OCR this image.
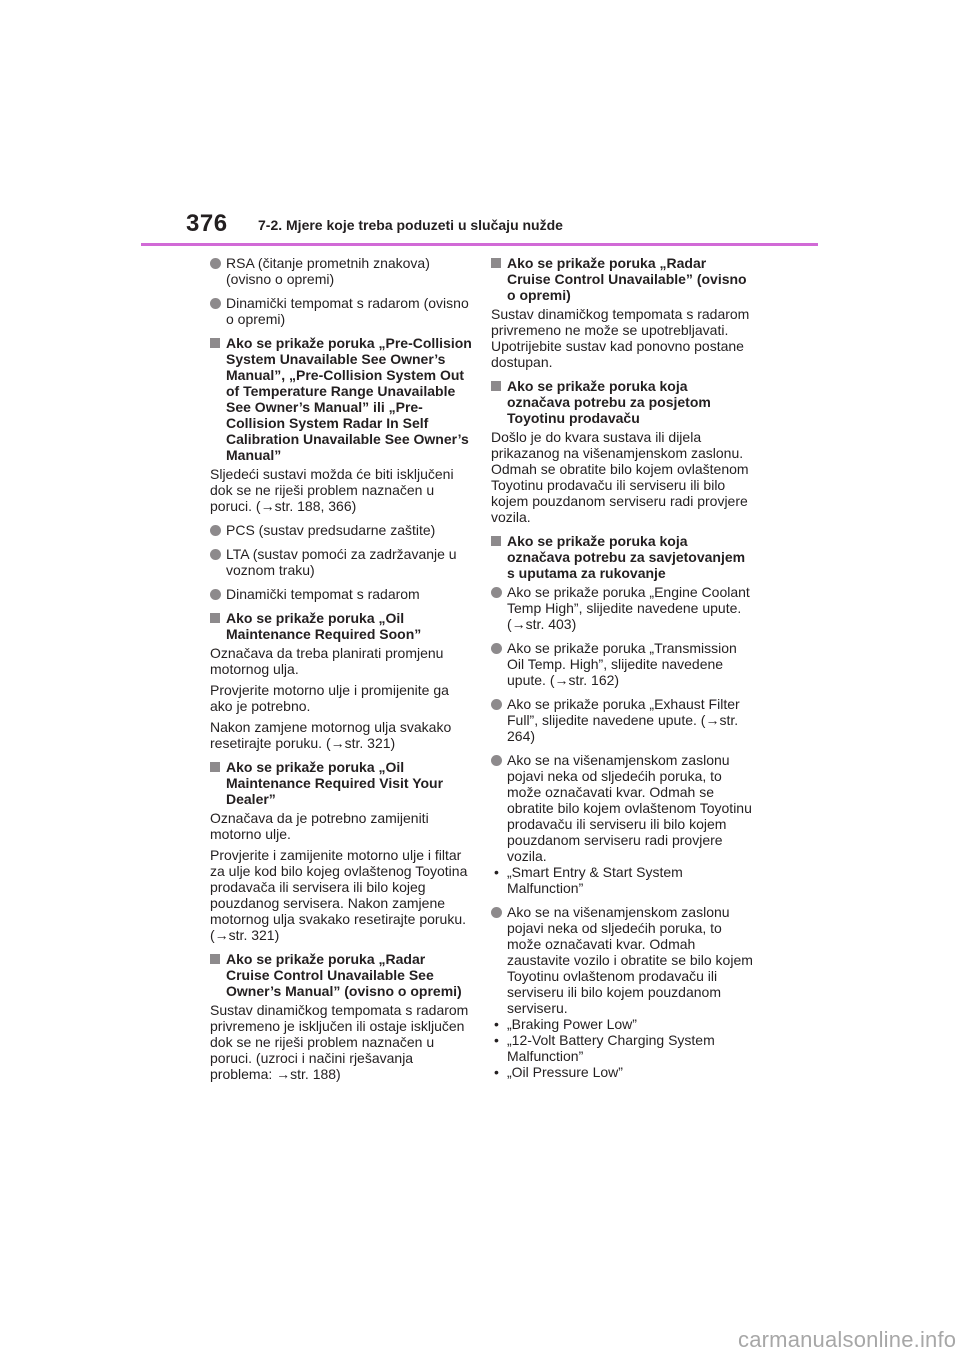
376 7-2. Mjere koje treba poduzeti u slučaju nužde
RSA (čitanje prometnih znakova) (ovisno o opremi)
Dinamički tempomat s radarom (ovisno o opremi)
Ako se prikaže poruka „Pre-Collision System Unavailable See Owner’s Manual”, „Pre-Collision System Out of Temperature Range Unavailable See Owner’s Manual” ili „Pre-Collision System Radar In Self Calibration Unavailable See Owner’s Manual”
Sljedeći sustavi možda će biti isključeni dok se ne riješi problem naznačen u poruci. (→str. 188, 366)
PCS (sustav predsudarne zaštite)
LTA (sustav pomoći za zadržavanje u voznom traku)
Dinamički tempomat s radarom
Ako se prikaže poruka „Oil Maintenance Required Soon”
Označava da treba planirati promjenu motornog ulja.
Provjerite motorno ulje i promijenite ga ako je potrebno.
Nakon zamjene motornog ulja svakako resetirajte poruku. (→str. 321)
Ako se prikaže poruka „Oil Maintenance Required Visit Your Dealer”
Označava da je potrebno zamijeniti motorno ulje.
Provjerite i zamijenite motorno ulje i filtar za ulje kod bilo kojeg ovlaštenog Toyotina prodavača ili servisera ili bilo kojeg pouzdanog servisera. Nakon zamjene motornog ulja svakako resetirajte poruku. (→str. 321)
Ako se prikaže poruka „Radar Cruise Control Unavailable See Owner’s Manual” (ovisno o opremi)
Sustav dinamičkog tempomata s radarom privremeno je isključen ili ostaje isključen dok se ne riješi problem naznačen u poruci. (uzroci i načini rješavanja problema: →str. 188)
Ako se prikaže poruka „Radar Cruise Control Unavailable” (ovisno o opremi)
Sustav dinamičkog tempomata s radarom privremeno ne može se upotrebljavati. Upotrijebite sustav kad ponovno postane dostupan.
Ako se prikaže poruka koja označava potrebu za posjetom Toyotinu prodavaču
Došlo je do kvara sustava ili dijela prikazanog na višenamjenskom zaslonu. Odmah se obratite bilo kojem ovlaštenom Toyotinu prodavaču ili serviseru ili bilo kojem pouzdanom serviseru radi provjere vozila.
Ako se prikaže poruka koja označava potrebu za savjetovanjem s uputama za rukovanje
Ako se prikaže poruka „Engine Coolant Temp High”, slijedite navedene upute. (→str. 403)
Ako se prikaže poruka „Transmission Oil Temp. High”, slijedite navedene upute. (→str. 162)
Ako se prikaže poruka „Exhaust Filter Full”, slijedite navedene upute. (→str. 264)
Ako se na višenamjenskom zaslonu pojavi neka od sljedećih poruka, to može označavati kvar. Odmah se obratite bilo kojem ovlaštenom Toyotinu prodavaču ili serviseru ili bilo kojem pouzdanom serviseru radi provjere vozila.
• „Smart Entry & Start System Malfunction”
Ako se na višenamjenskom zaslonu pojavi neka od sljedećih poruka, to može označavati kvar. Odmah zaustavite vozilo i obratite se bilo kojem Toyotinu ovlaštenom prodavaču ili serviseru ili bilo kojem pouzdanom serviseru.
• „Braking Power Low”
• „12-Volt Battery Charging System Malfunction”
• „Oil Pressure Low”
carmanualsonline.info
